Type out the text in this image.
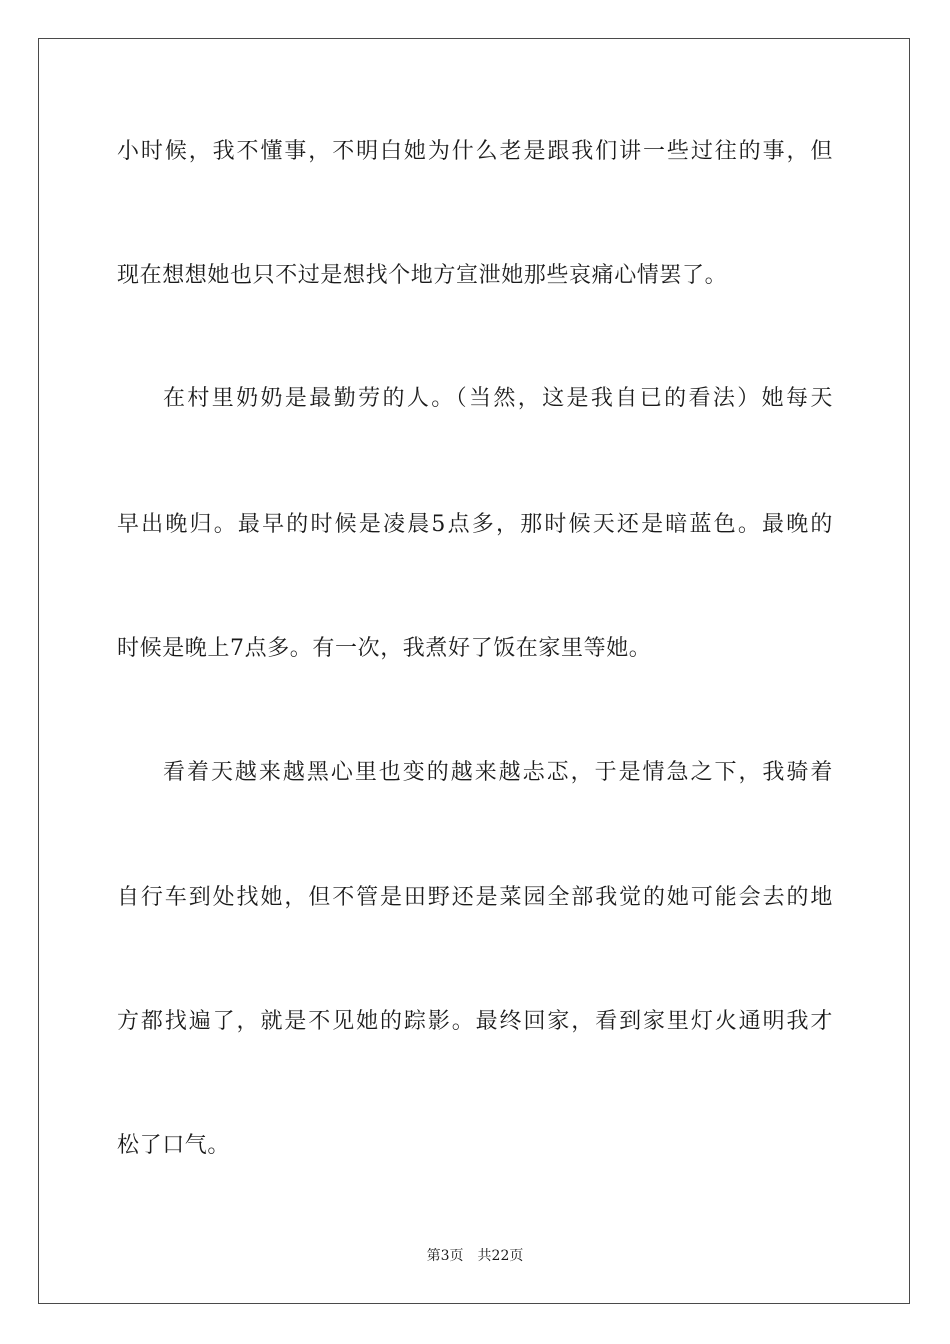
小时候，我不懂事，不明白她为什么老是跟我们讲一些过往的事，但
现在想想她也只不过是想找个地方宣泄她那些哀痛心情罢了。
在村里奶奶是最勤劳的人。（当然，这是我自已的看法）她每天
早出晚归。最早的时候是凌晨5点多，那时候天还是暗蓝色。最晚的
时候是晚上7点多。有一次，我煮好了饭在家里等她。
看着天越来越黑心里也变的越来越忐忑，于是情急之下，我骑着
自行车到处找她，但不管是田野还是菜园全部我觉的她可能会去的地
方都找遍了，就是不见她的踪影。最终回家，看到家里灯火通明我才
松了口气。
第3页 共22页
